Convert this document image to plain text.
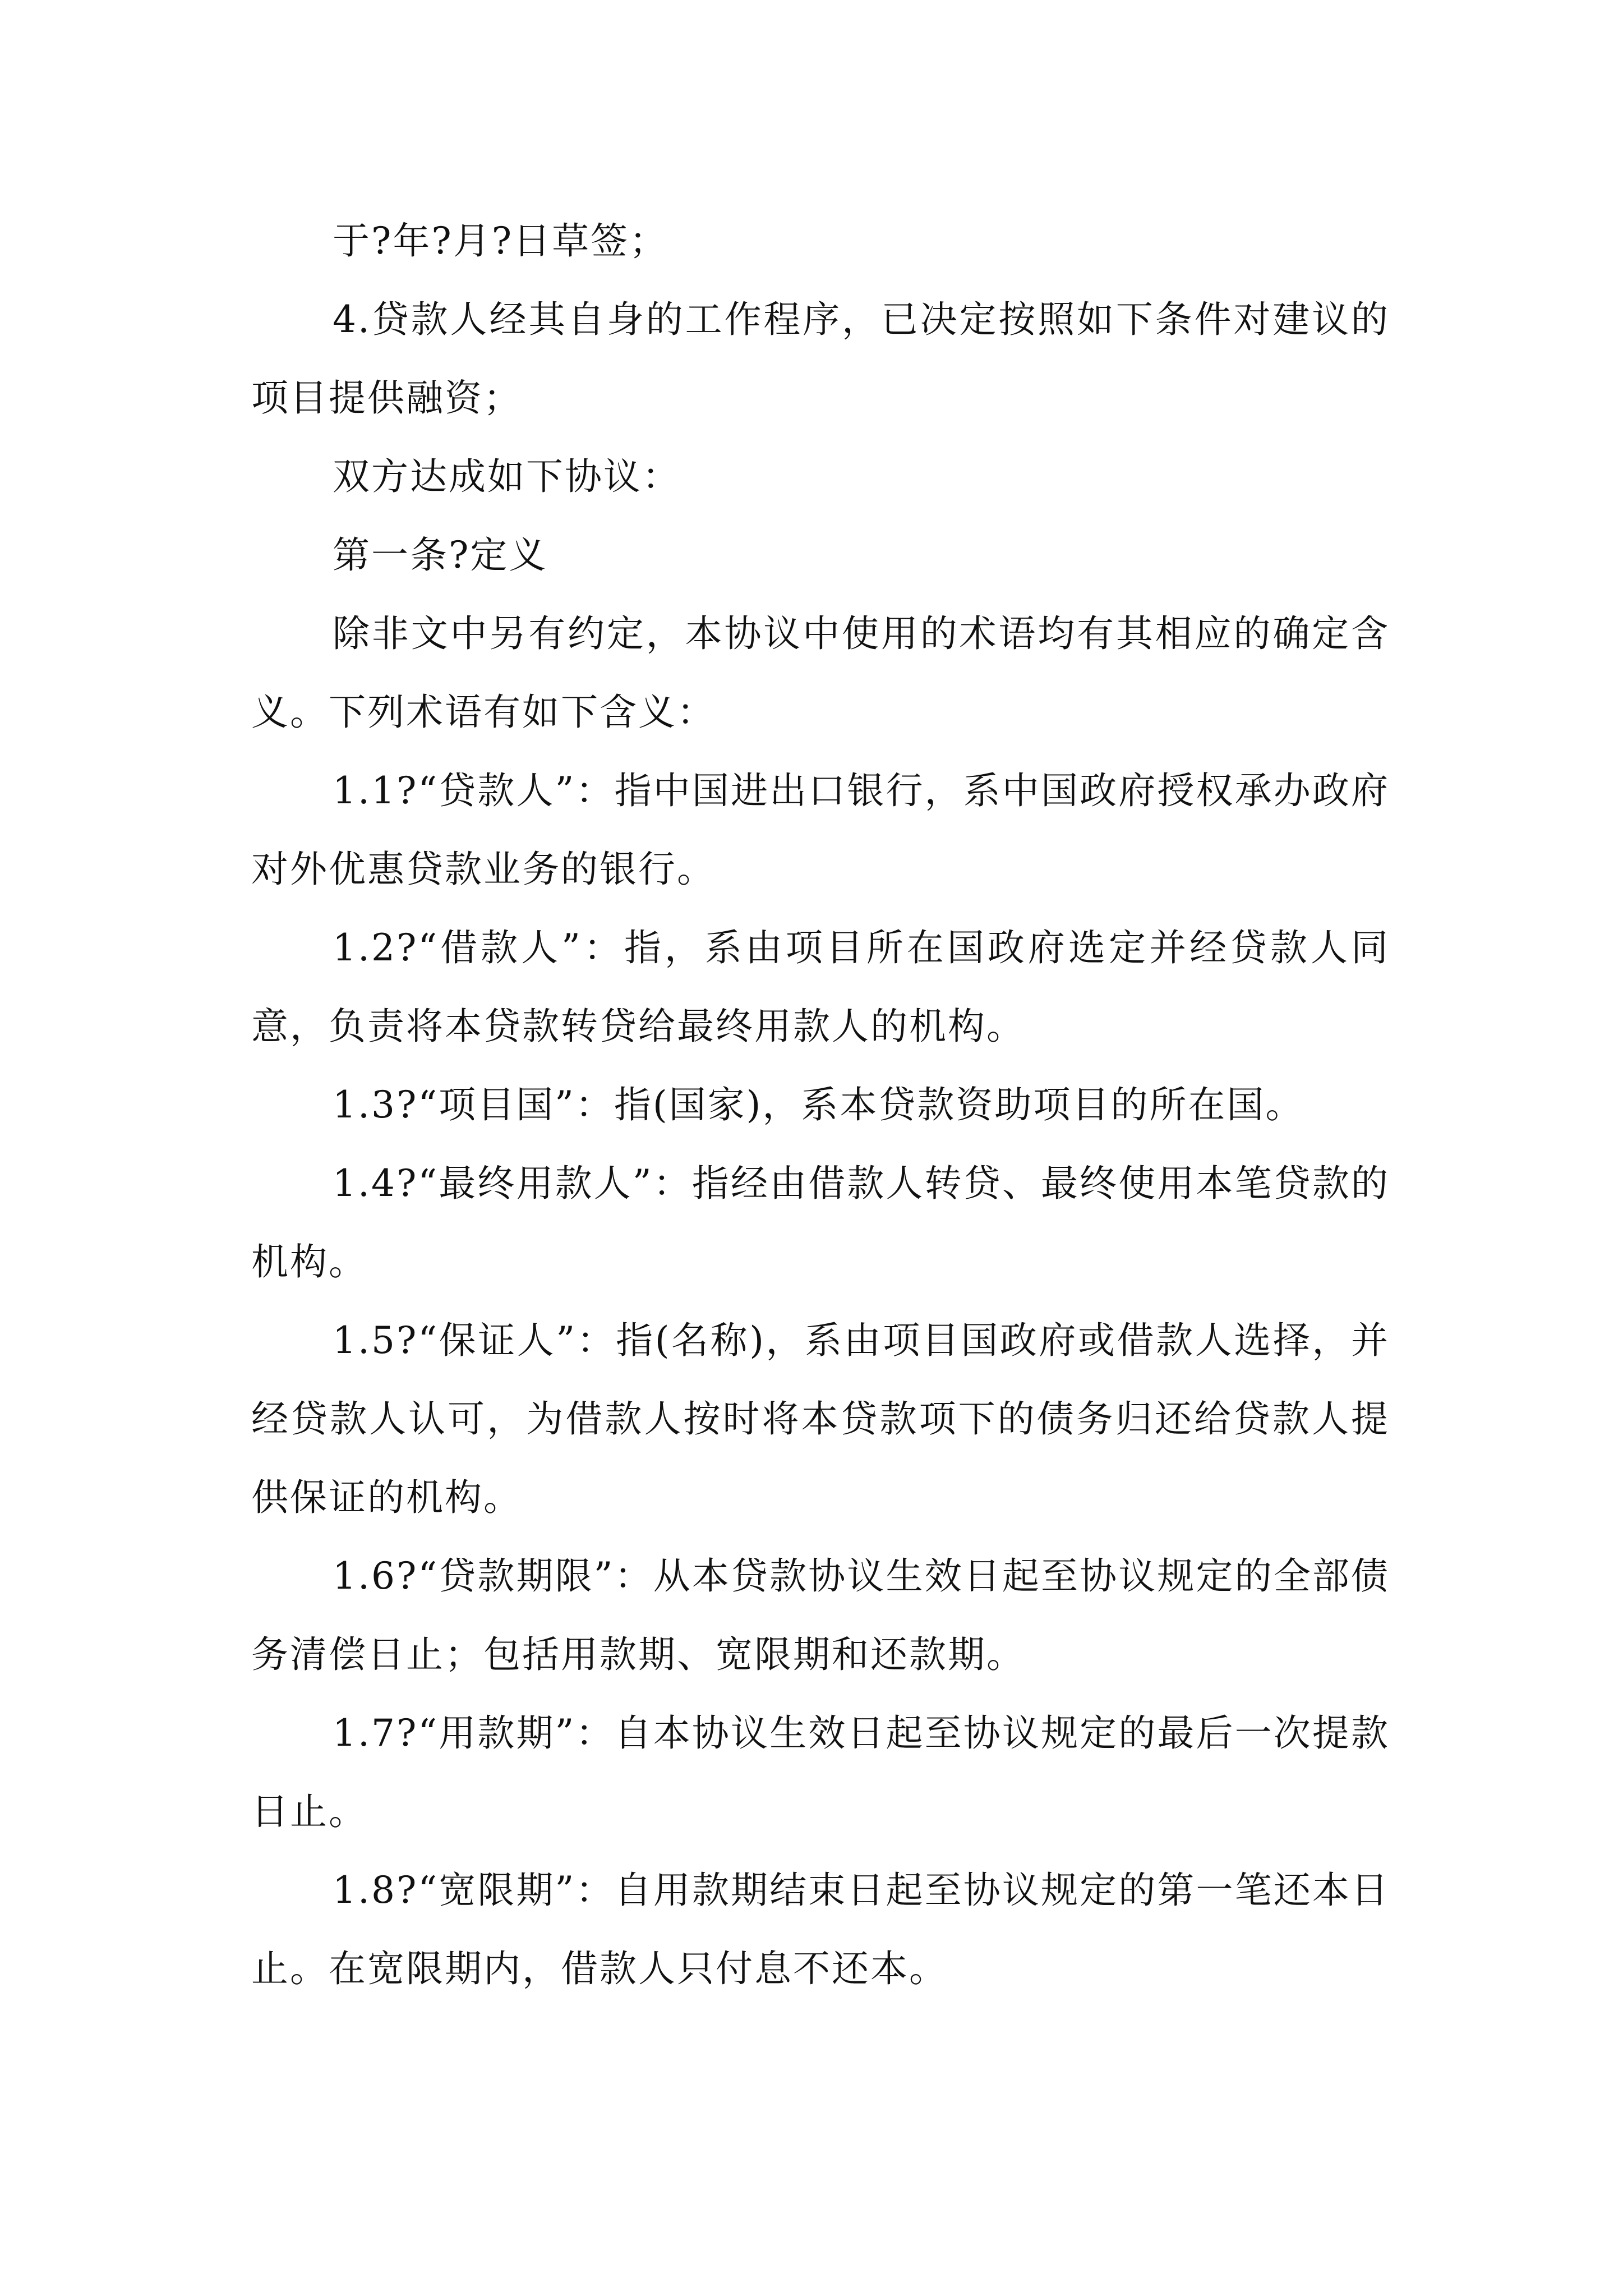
于?年?月?日草签；

4.贷款人经其自身的工作程序，已决定按照如下条件对建议的项目提供融资；

双方达成如下协议：

第一条?定义

除非文中另有约定，本协议中使用的术语均有其相应的确定含义。下列术语有如下含义：

1.1?“贷款人”：指中国进出口银行，系中国政府授权承办政府对外优惠贷款业务的银行。

1.2?“借款人”：指，系由项目所在国政府选定并经贷款人同意，负责将本贷款转贷给最终用款人的机构。

1.3?“项目国”：指(国家)，系本贷款资助项目的所在国。

1.4?“最终用款人”：指经由借款人转贷、最终使用本笔贷款的机构。

1.5?“保证人”：指(名称)，系由项目国政府或借款人选择，并经贷款人认可，为借款人按时将本贷款项下的债务归还给贷款人提供保证的机构。

1.6?“贷款期限”：从本贷款协议生效日起至协议规定的全部债务清偿日止；包括用款期、宽限期和还款期。

1.7?“用款期”：自本协议生效日起至协议规定的最后一次提款日止。

1.8?“宽限期”：自用款期结束日起至协议规定的第一笔还本日止。在宽限期内，借款人只付息不还本。
